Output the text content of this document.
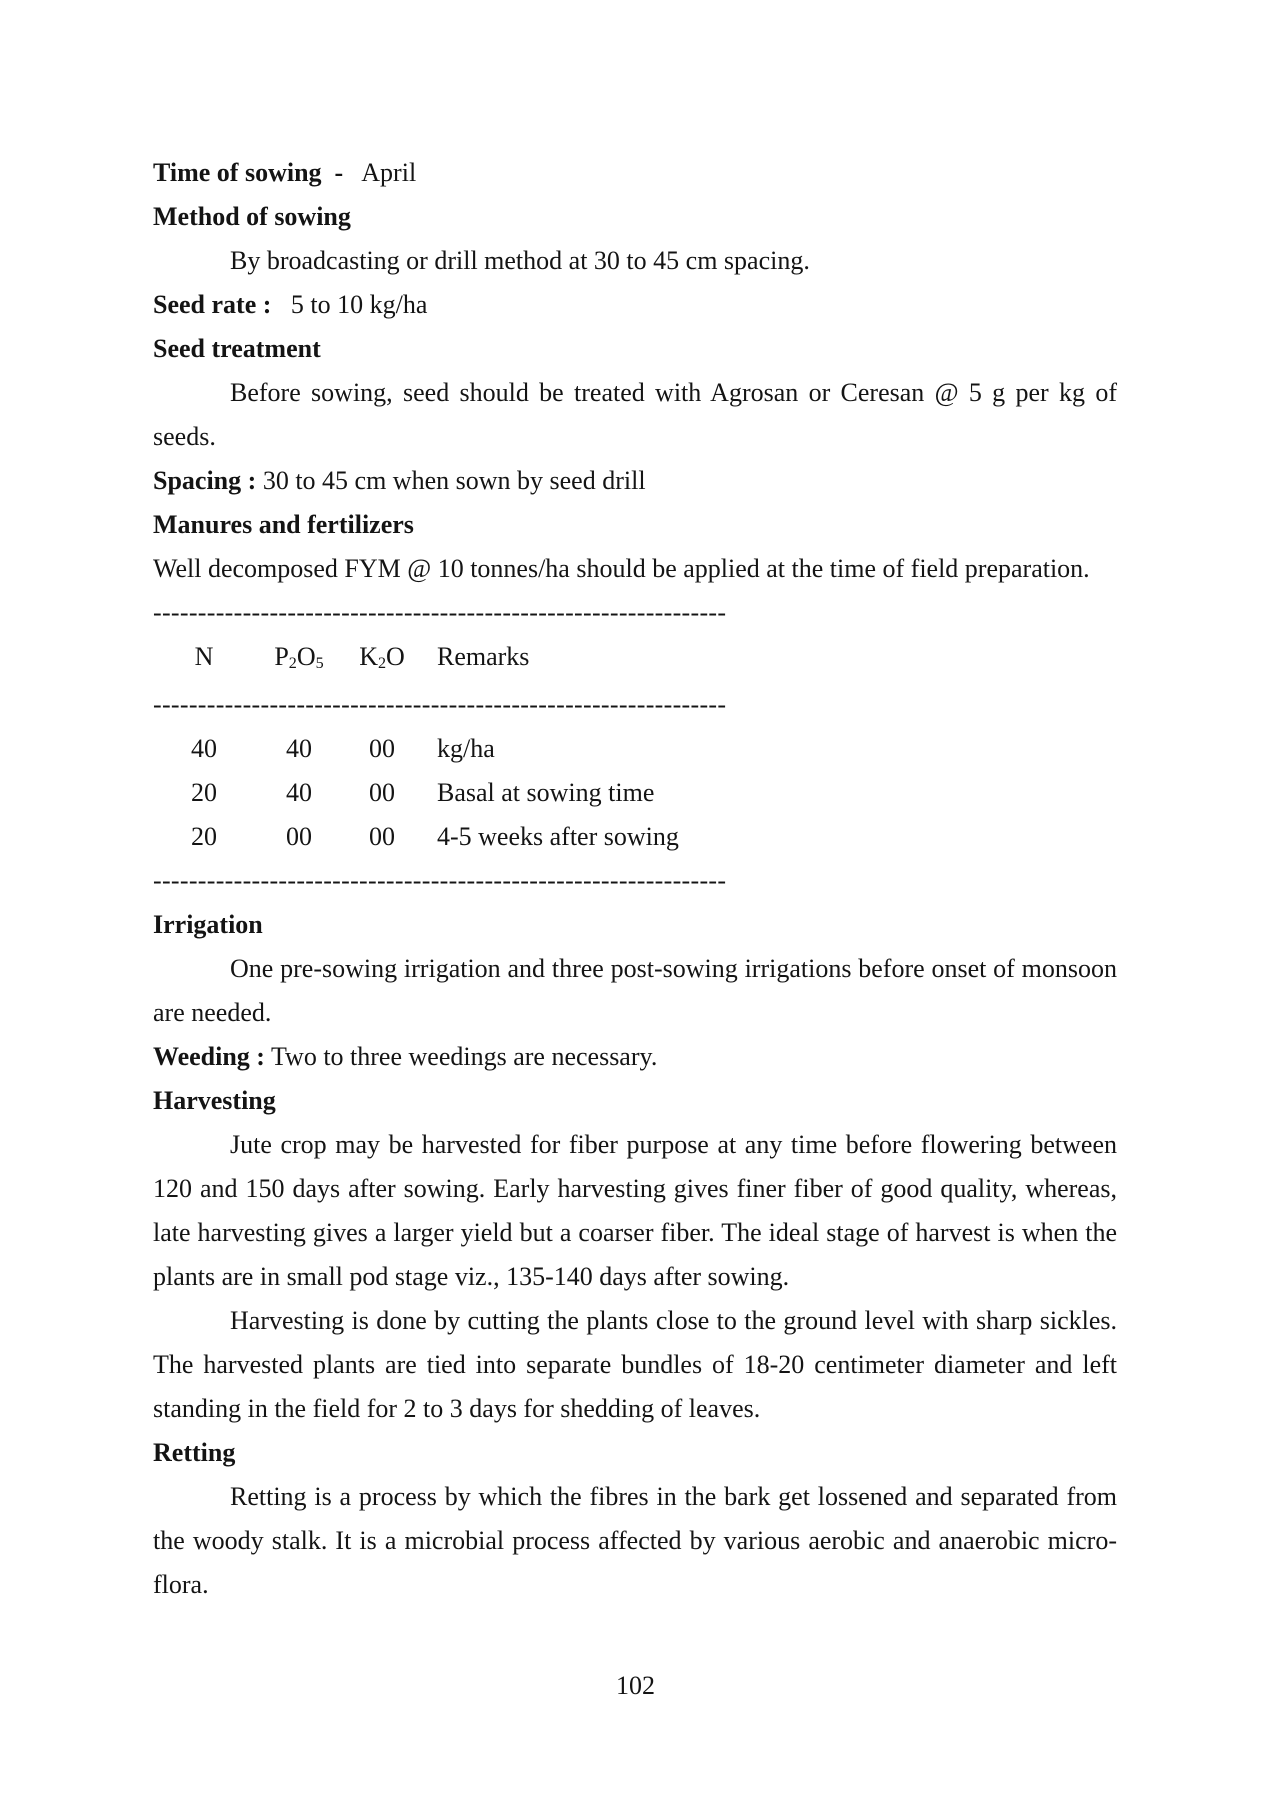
Time of sowing  - April
Method of sowing
By broadcasting or drill method at 30 to 45 cm spacing.
Seed rate : 5 to 10 kg/ha
Seed treatment
Before sowing, seed should be treated with Agrosan or Ceresan @ 5 g per kg of
seeds.
Spacing : 30 to 45 cm when sown by seed drill
Manures and fertilizers
Well decomposed FYM @ 10 tonnes/ha should be applied at the time of field preparation.
----------------------------------------------------------------
N P2O5 K2O Remarks
----------------------------------------------------------------
40	40 00 kg/ha
20	40 00 Basal at sowing time
20	00 00 4-5 weeks after sowing
----------------------------------------------------------------
Irrigation
One pre-sowing irrigation and three post-sowing irrigations before onset of monsoon
are needed.
Weeding : Two to three weedings are necessary.
Harvesting
Jute crop may be harvested for fiber purpose at any time before flowering between
120 and 150 days after sowing. Early harvesting gives finer fiber of good quality, whereas,
late harvesting gives a larger yield but a coarser fiber. The ideal stage of harvest is when the
plants are in small pod stage viz., 135-140 days after sowing.
Harvesting is done by cutting the plants close to the ground level with sharp sickles.
The harvested plants are tied into separate bundles of 18-20 centimeter diameter and left
standing in the field for 2 to 3 days for shedding of leaves.
Retting
Retting is a process by which the fibres in the bark get lossened and separated from
the woody stalk. It is a microbial process affected by various aerobic and anaerobic micro-
flora.
102
